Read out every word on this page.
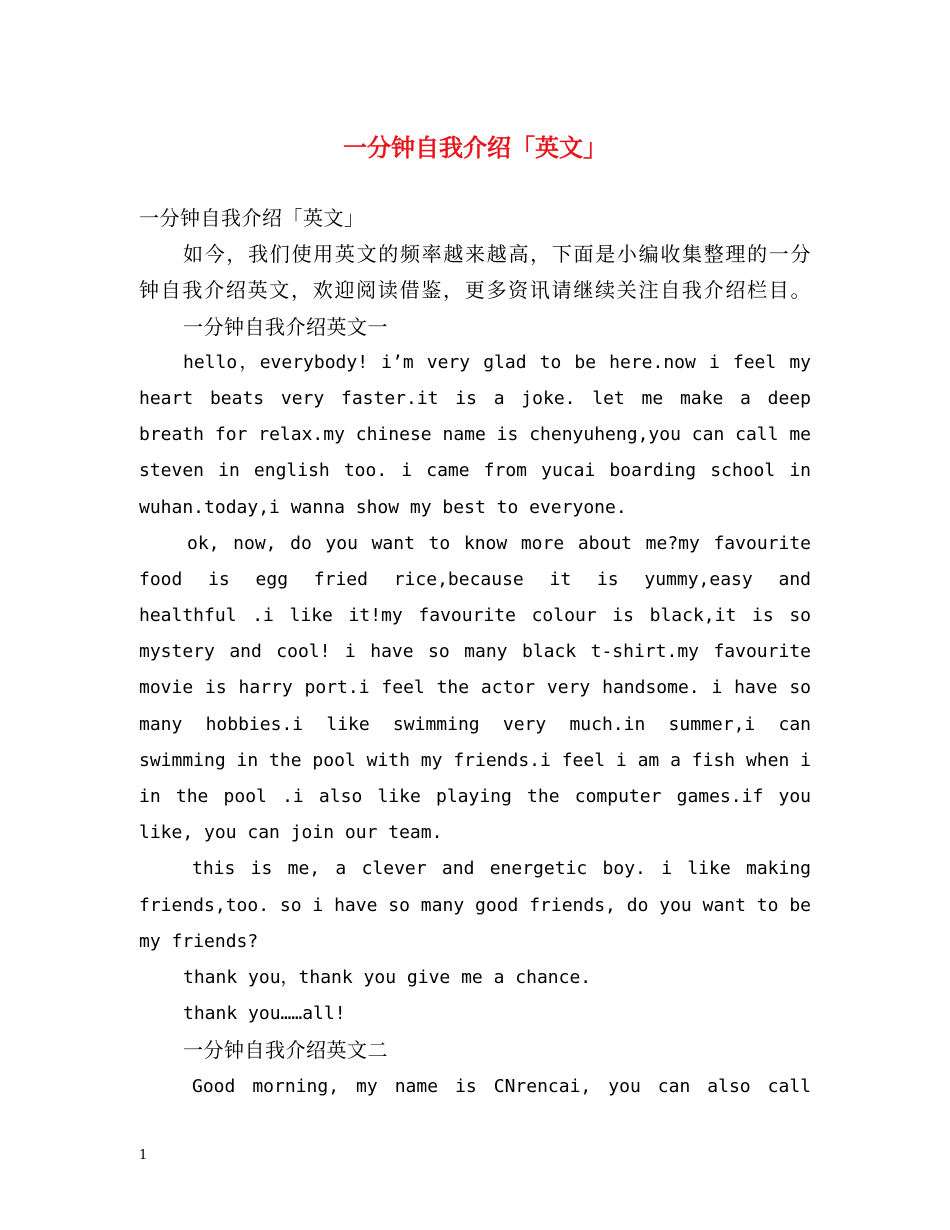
一分钟自我介绍「英文」
一分钟自我介绍「英文」
如今，我们使用英文的频率越来越高，下面是小编收集整理的一分
钟自我介绍英文，欢迎阅读借鉴，更多资讯请继续关注自我介绍栏目。
一分钟自我介绍英文一
hello，everybody! i’m very glad to be here.now i feel my
heart beats very faster.it is a joke. let me make a deep
breath for relax.my chinese name is chenyuheng,you can call me
steven in english too. i came from yucai boarding school in
wuhan.today,i wanna show my best to everyone.
ok, now, do you want to know more about me?my favourite
food is egg fried rice,because it is yummy,easy and
healthful .i like it!my favourite colour is black,it is so
mystery and cool! i have so many black t-shirt.my favourite
movie is harry port.i feel the actor very handsome. i have so
many hobbies.i like swimming very much.in summer,i can
swimming in the pool with my friends.i feel i am a fish when i
in the pool .i also like playing the computer games.if you
like, you can join our team.
this is me, a clever and energetic boy. i like making
friends,too. so i have so many good friends, do you want to be
my friends?
thank you，thank you give me a chance.
thank you……all!
一分钟自我介绍英文二
Good morning, my name is CNrencai, you can also call
1
